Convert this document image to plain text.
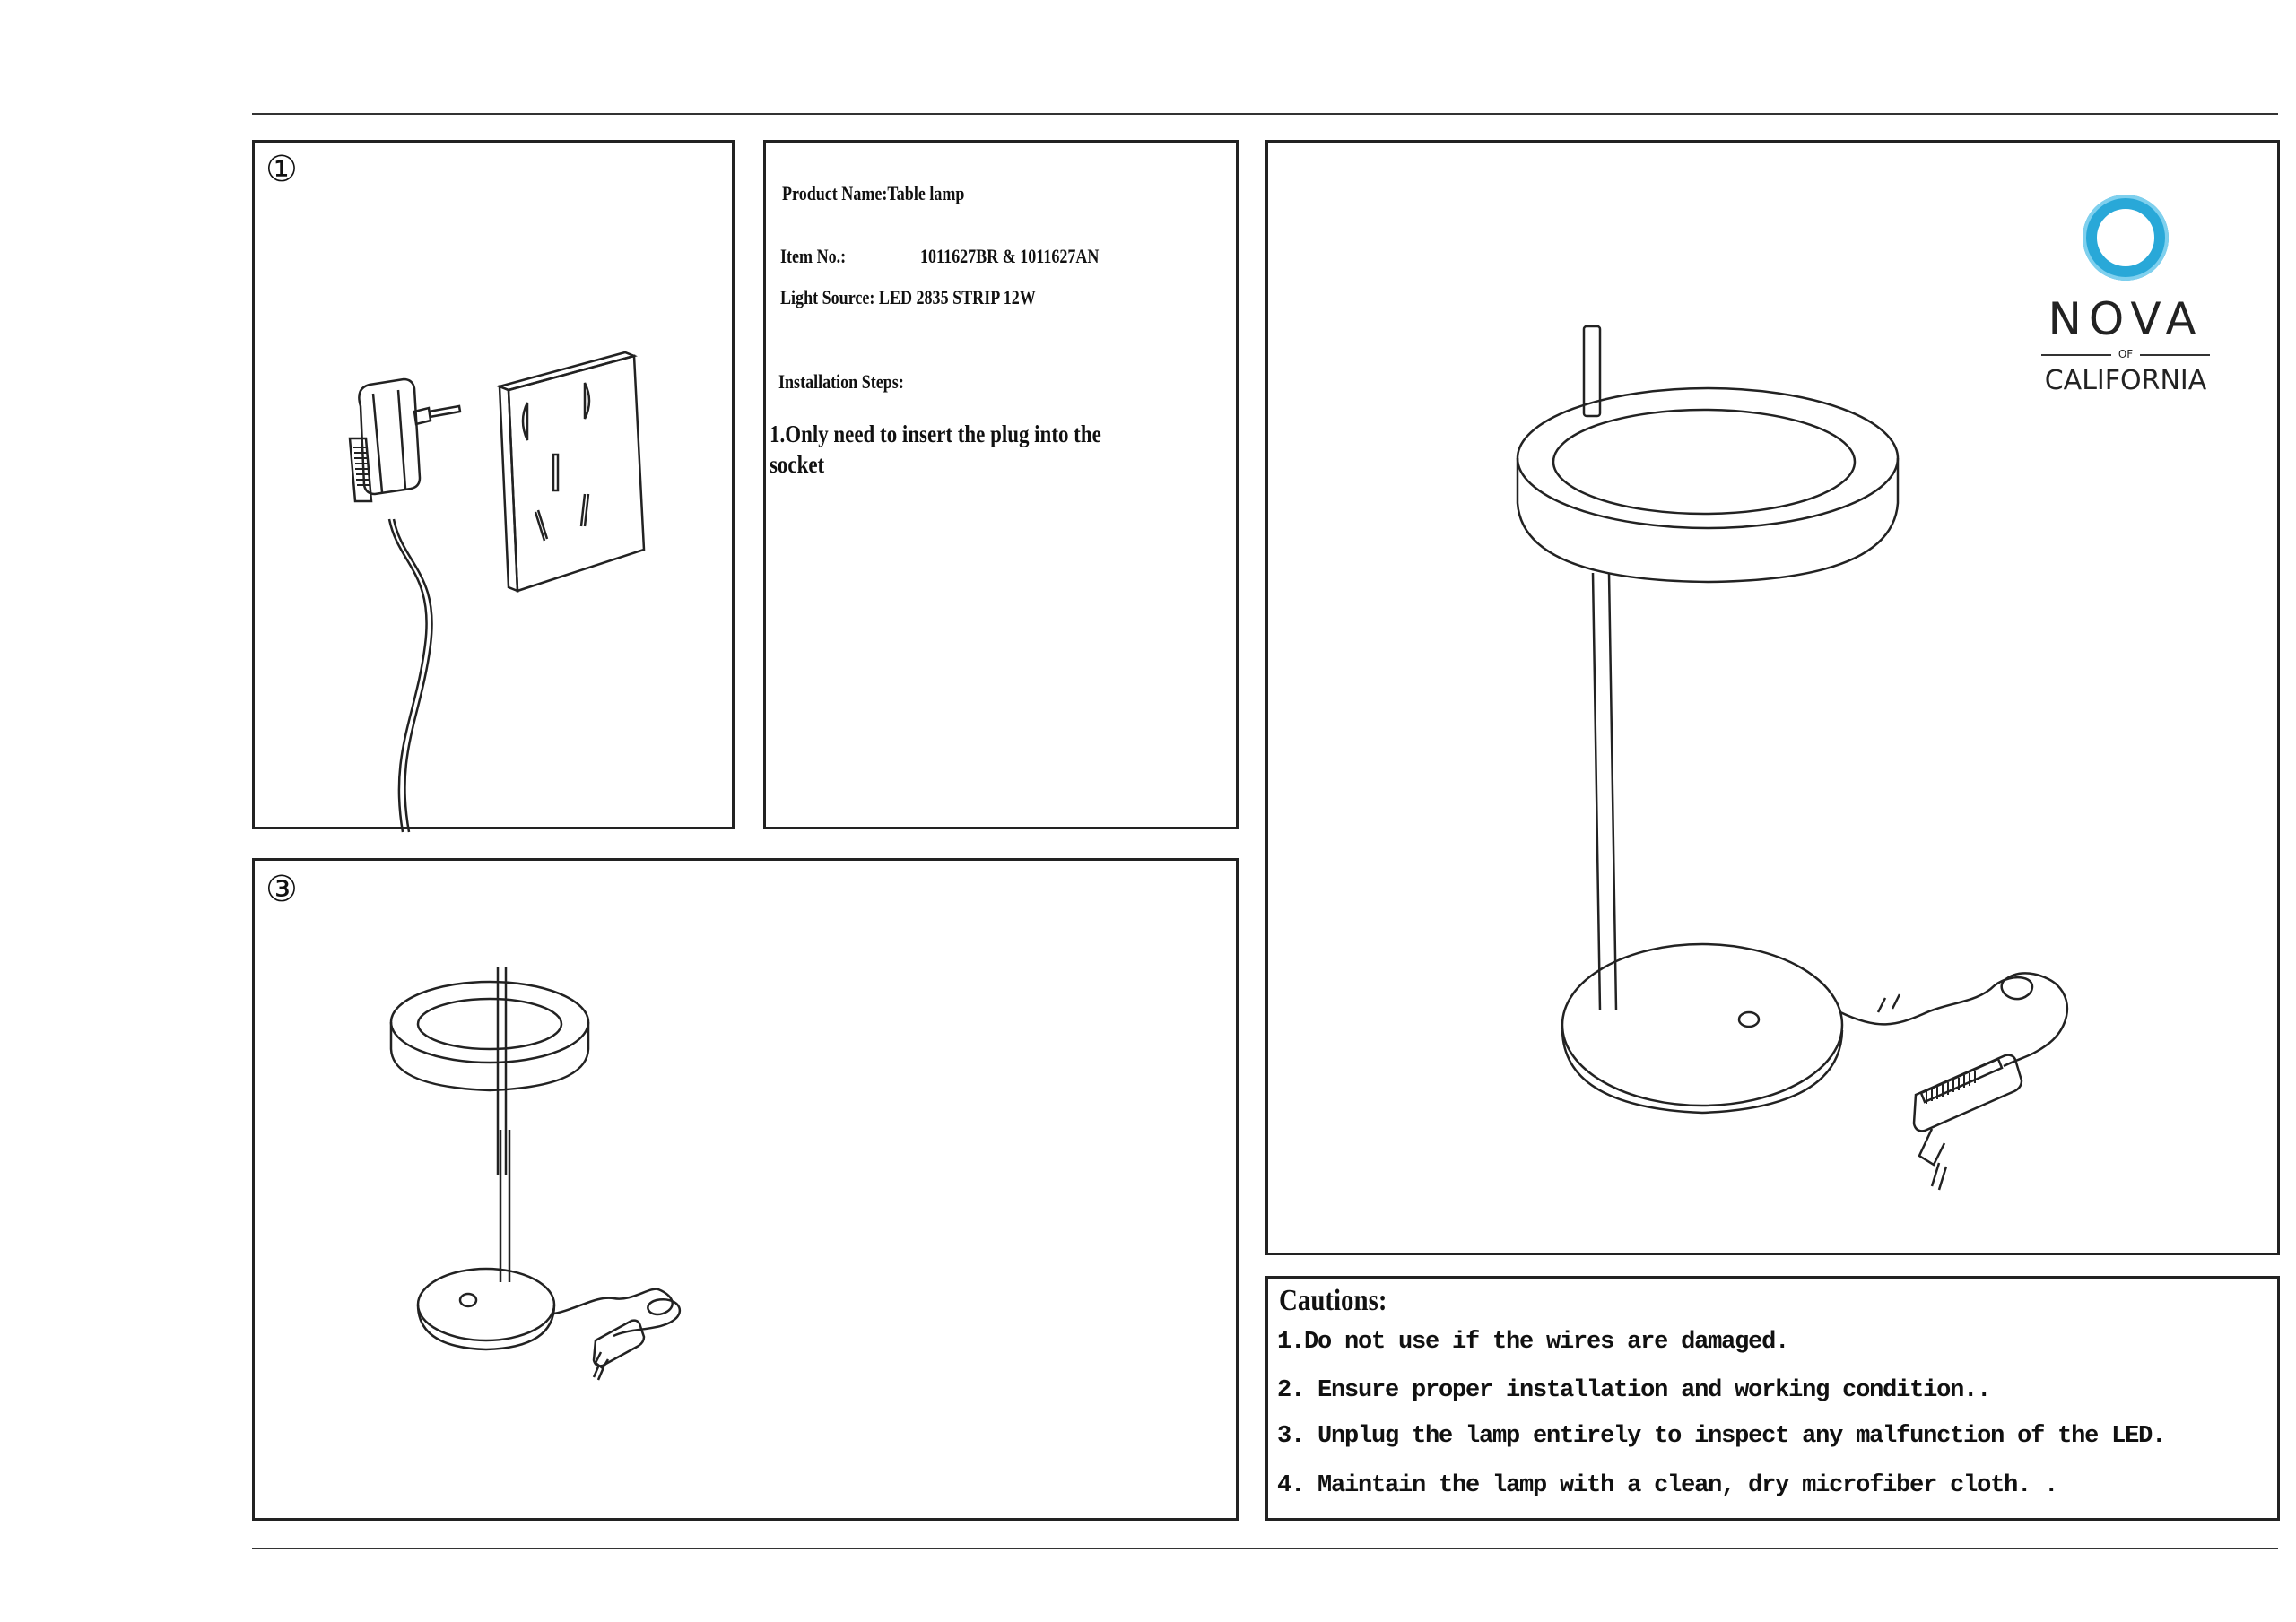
①
Product Name:Table lamp
Item No.:	1011627BR & 1011627AN
Light Source: LED 2835 STRIP 12W
Installation Steps:
1.Only need to insert the plug into the
socket
③
NOVA
OF
CALIFORNIA
Cautions:
1.Do not use if the wires are damaged.
2. Ensure proper installation and working condition..
3. Unplug the lamp entirely to inspect any malfunction of the LED.
4. Maintain the lamp with a clean, dry microfiber cloth. .
